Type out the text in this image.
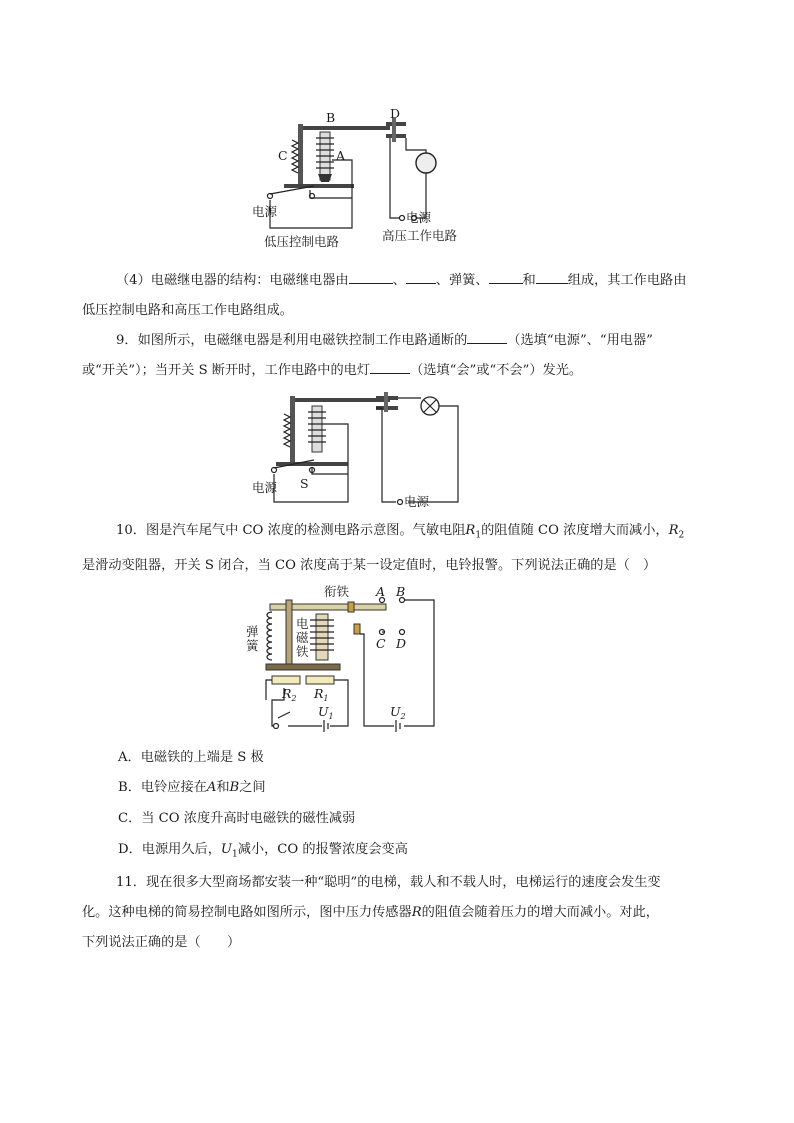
B	D
C	A
电源	电源
低压控制电路	高压工作电路
（4）电磁继电器的结构：电磁继电器由	、 、弹簧、	和 组成，其工作电路由
低压控制电路和高压工作电路组成。
9．如图所示，电磁继电器是利用电磁铁控制工作电路通断的	（选填“电源”、“用电器”
或“开关”）；当开关 S 断开时，工作电路中的电灯	（选填“会”或“不会”）发光。
电源 S
电源
10．图是汽车尾气中 CO 浓度的检测电路示意图。气敏电阻$R_1$的阻值随 CO 浓度增大而减小，$R_2$
是滑动变阻器，开关 S 闭合，当 CO 浓度高于某一设定值时，电铃报警。下列说法正确的是（　）
衔铁
弹
簧
电
磁
铁
A B
C D
$R_2$ $R_1$
$U_1$	$U_2$
A．电磁铁的上端是 S 极
B．电铃应接在A和B之间
C．当 CO 浓度升高时电磁铁的磁性减弱
D．电源用久后，$U_1$减小，CO 的报警浓度会变高
11．现在很多大型商场都安装一种“聪明”的电梯，载人和不载人时，电梯运行的速度会发生变
化。这种电梯的简易控制电路如图所示，图中压力传感器R的阻值会随着压力的增大而减小。对此，
下列说法正确的是（　　）
